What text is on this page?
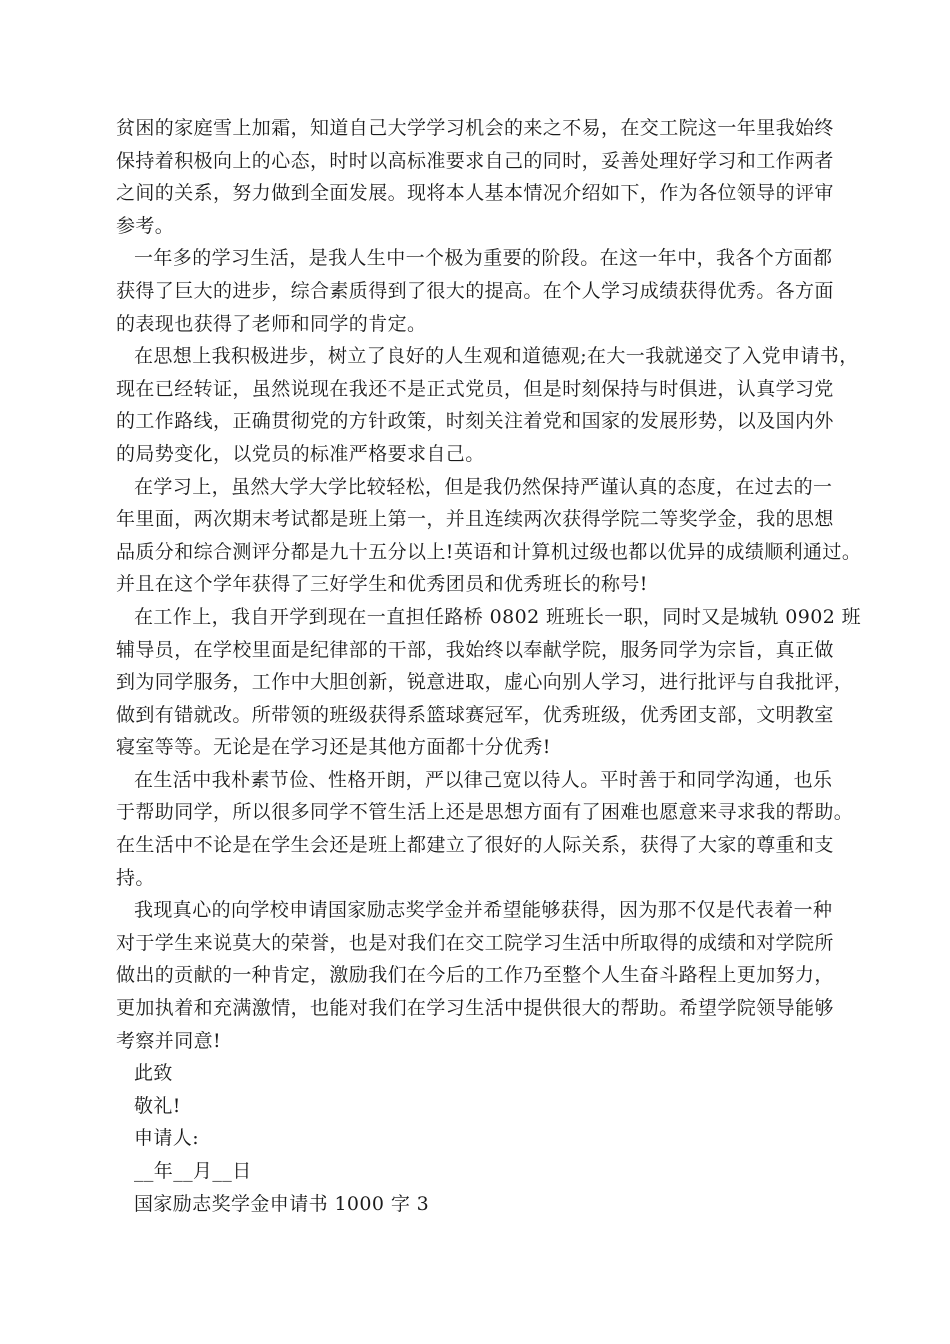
贫困的家庭雪上加霜，知道自己大学学习机会的来之不易，在交工院这一年里我始终
保持着积极向上的心态，时时以高标准要求自己的同时，妥善处理好学习和工作两者
之间的关系，努力做到全面发展。现将本人基本情况介绍如下，作为各位领导的评审
参考。
一年多的学习生活，是我人生中一个极为重要的阶段。在这一年中，我各个方面都
获得了巨大的进步，综合素质得到了很大的提高。在个人学习成绩获得优秀。各方面
的表现也获得了老师和同学的肯定。
在思想上我积极进步，树立了良好的人生观和道德观;在大一我就递交了入党申请书，
现在已经转证，虽然说现在我还不是正式党员，但是时刻保持与时俱进，认真学习党
的工作路线，正确贯彻党的方针政策，时刻关注着党和国家的发展形势，以及国内外
的局势变化，以党员的标准严格要求自己。
在学习上，虽然大学大学比较轻松，但是我仍然保持严谨认真的态度，在过去的一
年里面，两次期末考试都是班上第一，并且连续两次获得学院二等奖学金，我的思想
品质分和综合测评分都是九十五分以上!英语和计算机过级也都以优异的成绩顺利通过。
并且在这个学年获得了三好学生和优秀团员和优秀班长的称号!
在工作上，我自开学到现在一直担任路桥 0802 班班长一职，同时又是城轨 0902 班
辅导员，在学校里面是纪律部的干部，我始终以奉献学院，服务同学为宗旨，真正做
到为同学服务，工作中大胆创新，锐意进取，虚心向别人学习，进行批评与自我批评，
做到有错就改。所带领的班级获得系篮球赛冠军，优秀班级，优秀团支部，文明教室
寝室等等。无论是在学习还是其他方面都十分优秀!
在生活中我朴素节俭、性格开朗，严以律己宽以待人。平时善于和同学沟通，也乐
于帮助同学，所以很多同学不管生活上还是思想方面有了困难也愿意来寻求我的帮助。
在生活中不论是在学生会还是班上都建立了很好的人际关系，获得了大家的尊重和支
持。
我现真心的向学校申请国家励志奖学金并希望能够获得，因为那不仅是代表着一种
对于学生来说莫大的荣誉，也是对我们在交工院学习生活中所取得的成绩和对学院所
做出的贡献的一种肯定，激励我们在今后的工作乃至整个人生奋斗路程上更加努力，
更加执着和充满激情，也能对我们在学习生活中提供很大的帮助。希望学院领导能够
考察并同意!
此致
敬礼!
申请人:
__年__月__日
国家励志奖学金申请书 1000 字 3
